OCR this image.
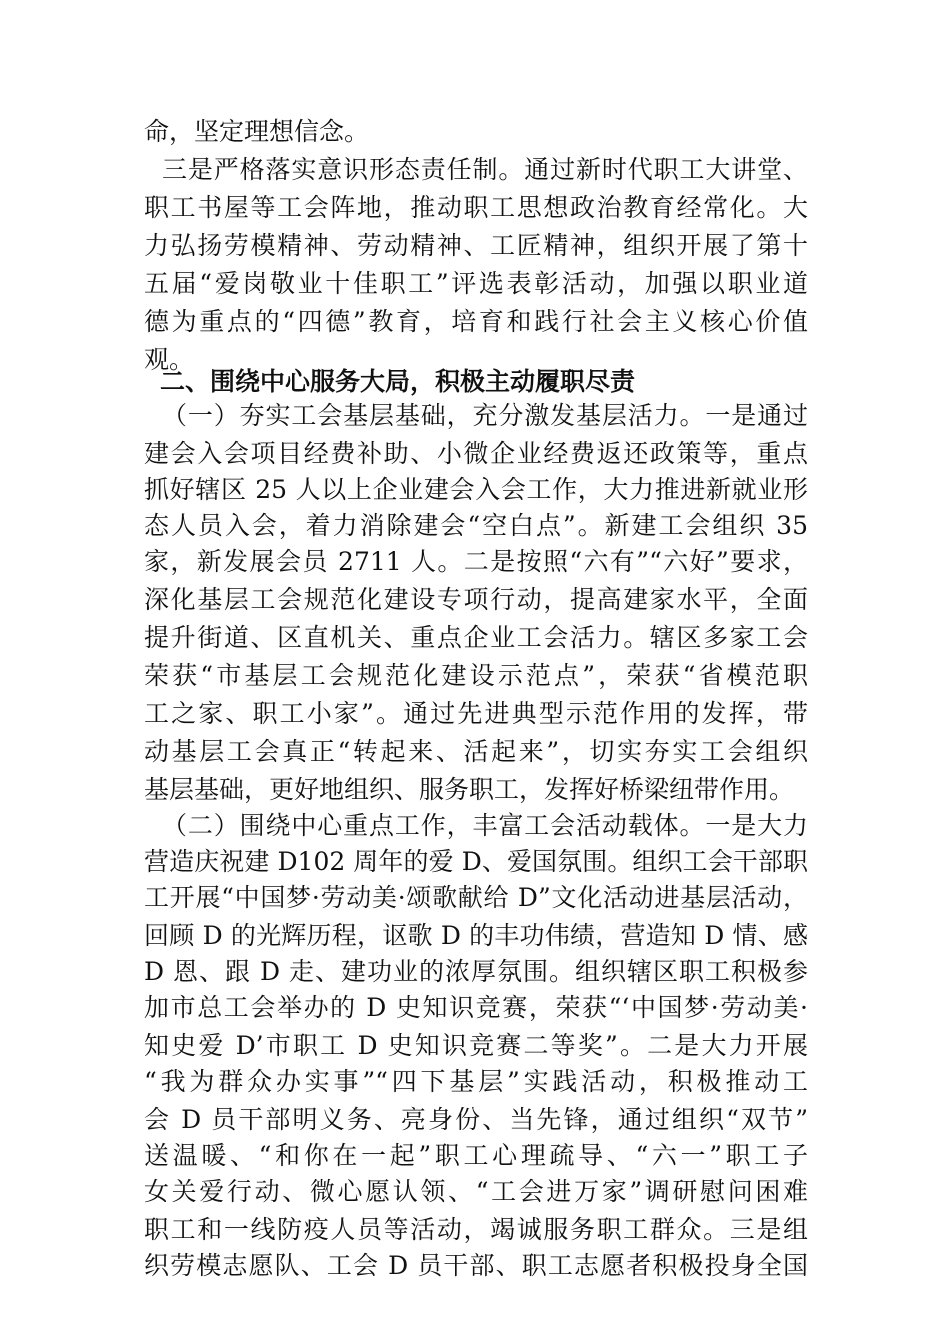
命，坚定理想信念。
三是严格落实意识形态责任制。通过新时代职工大讲堂、
职工书屋等工会阵地，推动职工思想政治教育经常化。大
力弘扬劳模精神、劳动精神、工匠精神，组织开展了第十
五届“爱岗敬业十佳职工”评选表彰活动，加强以职业道
德为重点的“四德”教育，培育和践行社会主义核心价值
观。
二、围绕中心服务大局，积极主动履职尽责
（一）夯实工会基层基础，充分激发基层活力。一是通过
建会入会项目经费补助、小微企业经费返还政策等，重点
抓好辖区 25 人以上企业建会入会工作，大力推进新就业形
态人员入会，着力消除建会“空白点”。新建工会组织 35
家，新发展会员 2711 人。二是按照“六有”“六好”要求，
深化基层工会规范化建设专项行动，提高建家水平，全面
提升街道、区直机关、重点企业工会活力。辖区多家工会
荣获“市基层工会规范化建设示范点”，荣获“省模范职
工之家、职工小家”。通过先进典型示范作用的发挥，带
动基层工会真正“转起来、活起来”，切实夯实工会组织
基层基础，更好地组织、服务职工，发挥好桥梁纽带作用。
（二）围绕中心重点工作，丰富工会活动载体。一是大力
营造庆祝建 D102 周年的爱 D、爱国氛围。组织工会干部职
工开展“中国梦·劳动美·颂歌献给 D”文化活动进基层活动，
回顾 D 的光辉历程，讴歌 D 的丰功伟绩，营造知 D 情、感
D 恩、跟 D 走、建功业的浓厚氛围。组织辖区职工积极参
加市总工会举办的 D 史知识竞赛，荣获“‘中国梦·劳动美·
知史爱 D’市职工 D 史知识竞赛二等奖”。二是大力开展
“我为群众办实事”“四下基层”实践活动，积极推动工
会 D 员干部明义务、亮身份、当先锋，通过组织“双节”
送温暖、“和你在一起”职工心理疏导、“六一”职工子
女关爱行动、微心愿认领、“工会进万家”调研慰问困难
职工和一线防疫人员等活动，竭诚服务职工群众。三是组
织劳模志愿队、工会 D 员干部、职工志愿者积极投身全国
